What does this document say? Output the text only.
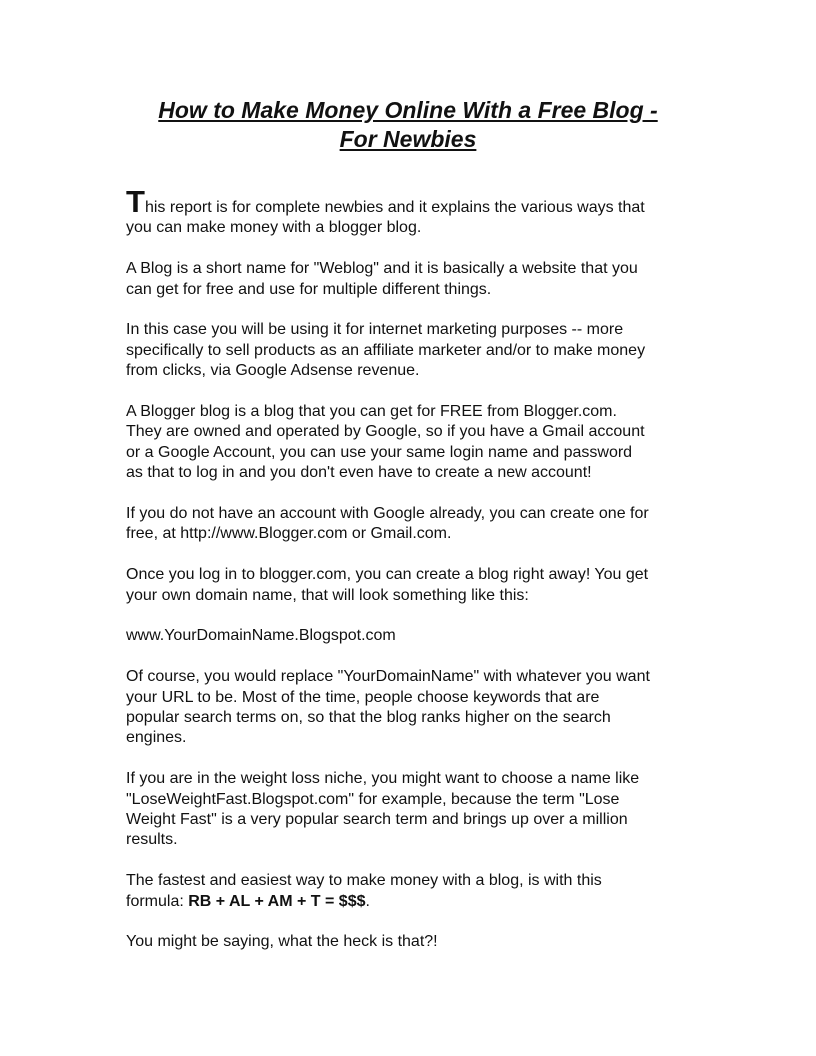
How to Make Money Online With a Free Blog -
For Newbies

This report is for complete newbies and it explains the various ways that
you can make money with a blogger blog.

A Blog is a short name for "Weblog" and it is basically a website that you
can get for free and use for multiple different things.

In this case you will be using it for internet marketing purposes -- more
specifically to sell products as an affiliate marketer and/or to make money
from clicks, via Google Adsense revenue.

A Blogger blog is a blog that you can get for FREE from Blogger.com.
They are owned and operated by Google, so if you have a Gmail account
or a Google Account, you can use your same login name and password
as that to log in and you don't even have to create a new account!

If you do not have an account with Google already, you can create one for
free, at http://www.Blogger.com or Gmail.com.

Once you log in to blogger.com, you can create a blog right away! You get
your own domain name, that will look something like this:

www.YourDomainName.Blogspot.com

Of course, you would replace "YourDomainName" with whatever you want
your URL to be. Most of the time, people choose keywords that are
popular search terms on, so that the blog ranks higher on the search
engines.

If you are in the weight loss niche, you might want to choose a name like
"LoseWeightFast.Blogspot.com" for example, because the term "Lose
Weight Fast" is a very popular search term and brings up over a million
results.

The fastest and easiest way to make money with a blog, is with this
formula: RB + AL + AM + T = $$$.

You might be saying, what the heck is that?!
